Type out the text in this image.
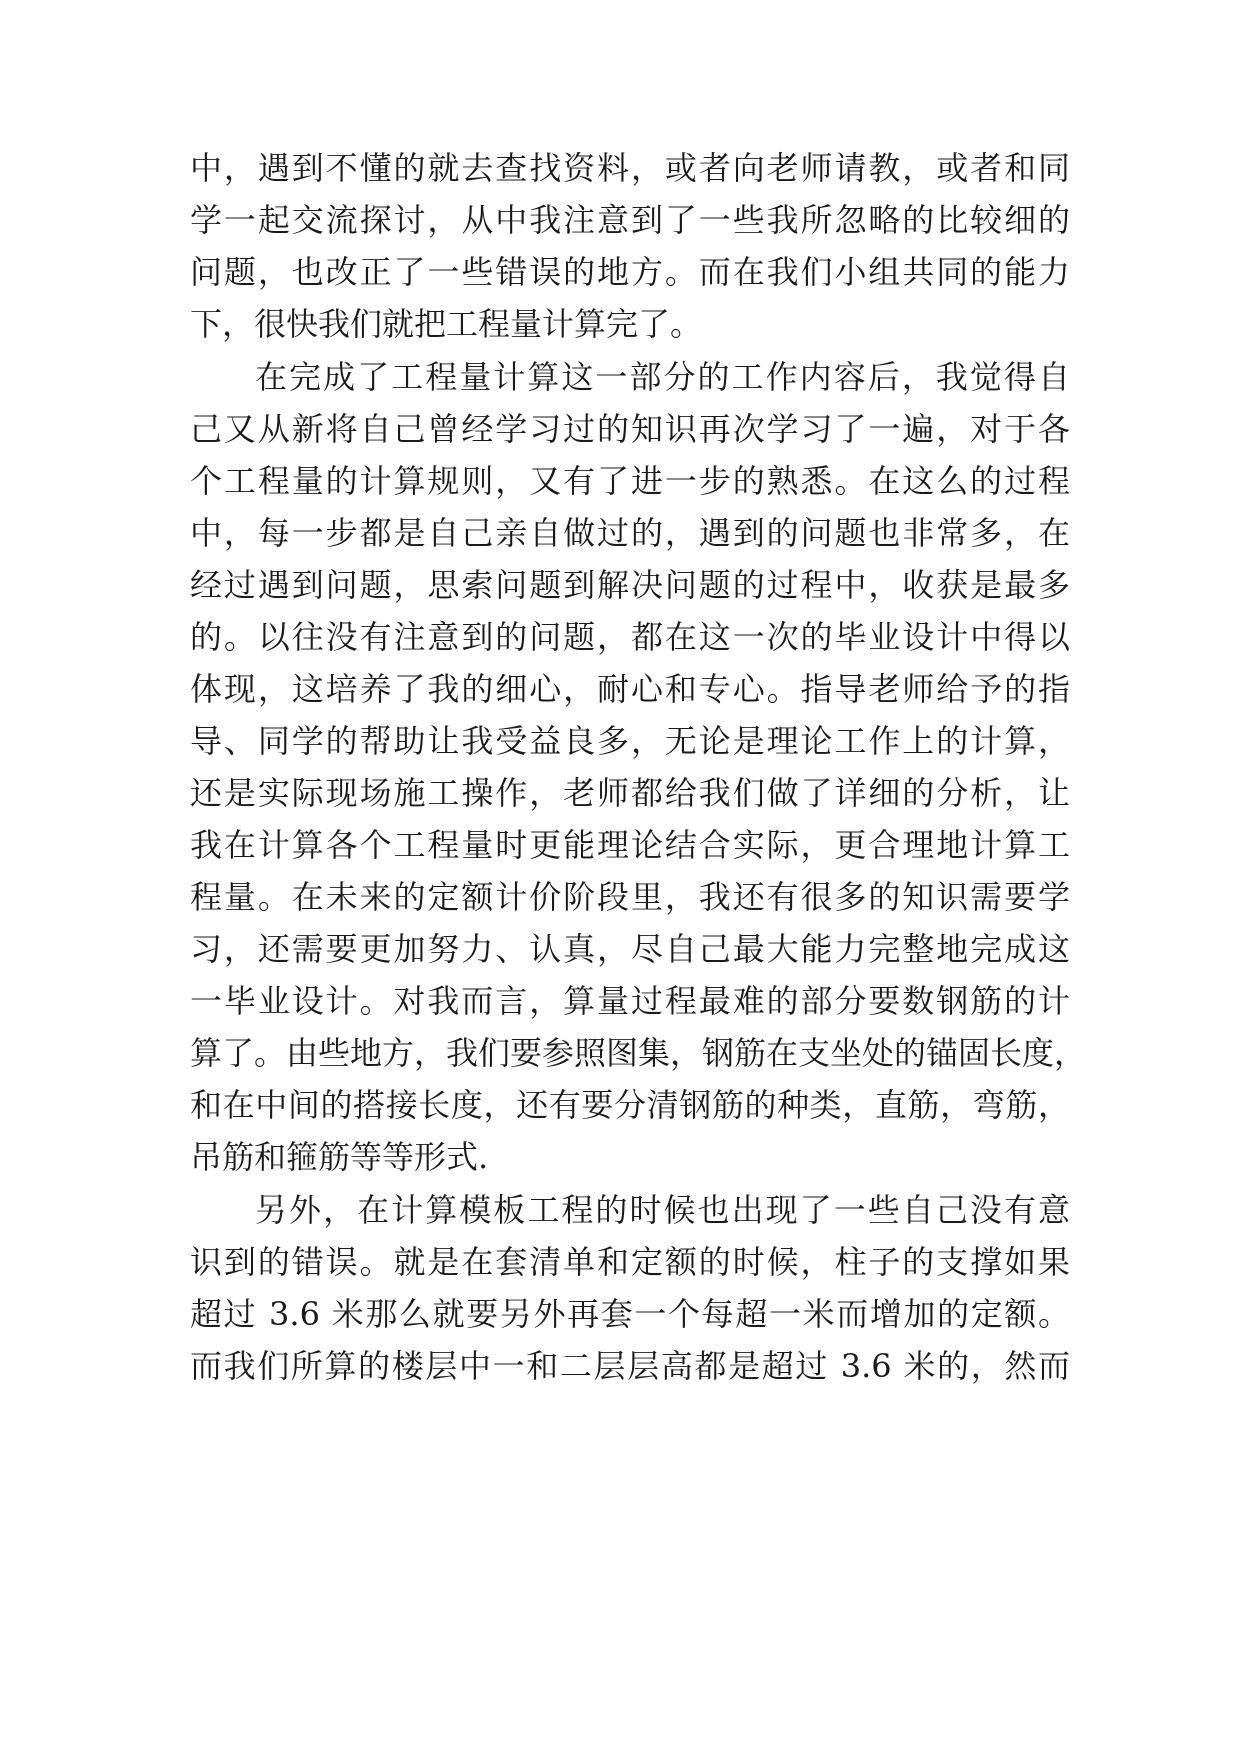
中，遇到不懂的就去查找资料，或者向老师请教，或者和同
学一起交流探讨，从中我注意到了一些我所忽略的比较细的
问题，也改正了一些错误的地方。而在我们小组共同的能力
下，很快我们就把工程量计算完了。
在完成了工程量计算这一部分的工作内容后，我觉得自
己又从新将自己曾经学习过的知识再次学习了一遍，对于各
个工程量的计算规则，又有了进一步的熟悉。在这么的过程
中，每一步都是自己亲自做过的，遇到的问题也非常多，在
经过遇到问题，思索问题到解决问题的过程中，收获是最多
的。以往没有注意到的问题，都在这一次的毕业设计中得以
体现，这培养了我的细心，耐心和专心。指导老师给予的指
导、同学的帮助让我受益良多，无论是理论工作上的计算，
还是实际现场施工操作，老师都给我们做了详细的分析，让
我在计算各个工程量时更能理论结合实际，更合理地计算工
程量。在未来的定额计价阶段里，我还有很多的知识需要学
习，还需要更加努力、认真，尽自己最大能力完整地完成这
一毕业设计。对我而言，算量过程最难的部分要数钢筋的计
算了。由些地方，我们要参照图集，钢筋在支坐处的锚固长度，
和在中间的搭接长度，还有要分清钢筋的种类，直筋，弯筋，
吊筋和箍筋等等形式.
另外，在计算模板工程的时候也出现了一些自己没有意
识到的错误。就是在套清单和定额的时候，柱子的支撑如果
超过 3.6 米那么就要另外再套一个每超一米而增加的定额。
而我们所算的楼层中一和二层层高都是超过 3.6 米的，然而
